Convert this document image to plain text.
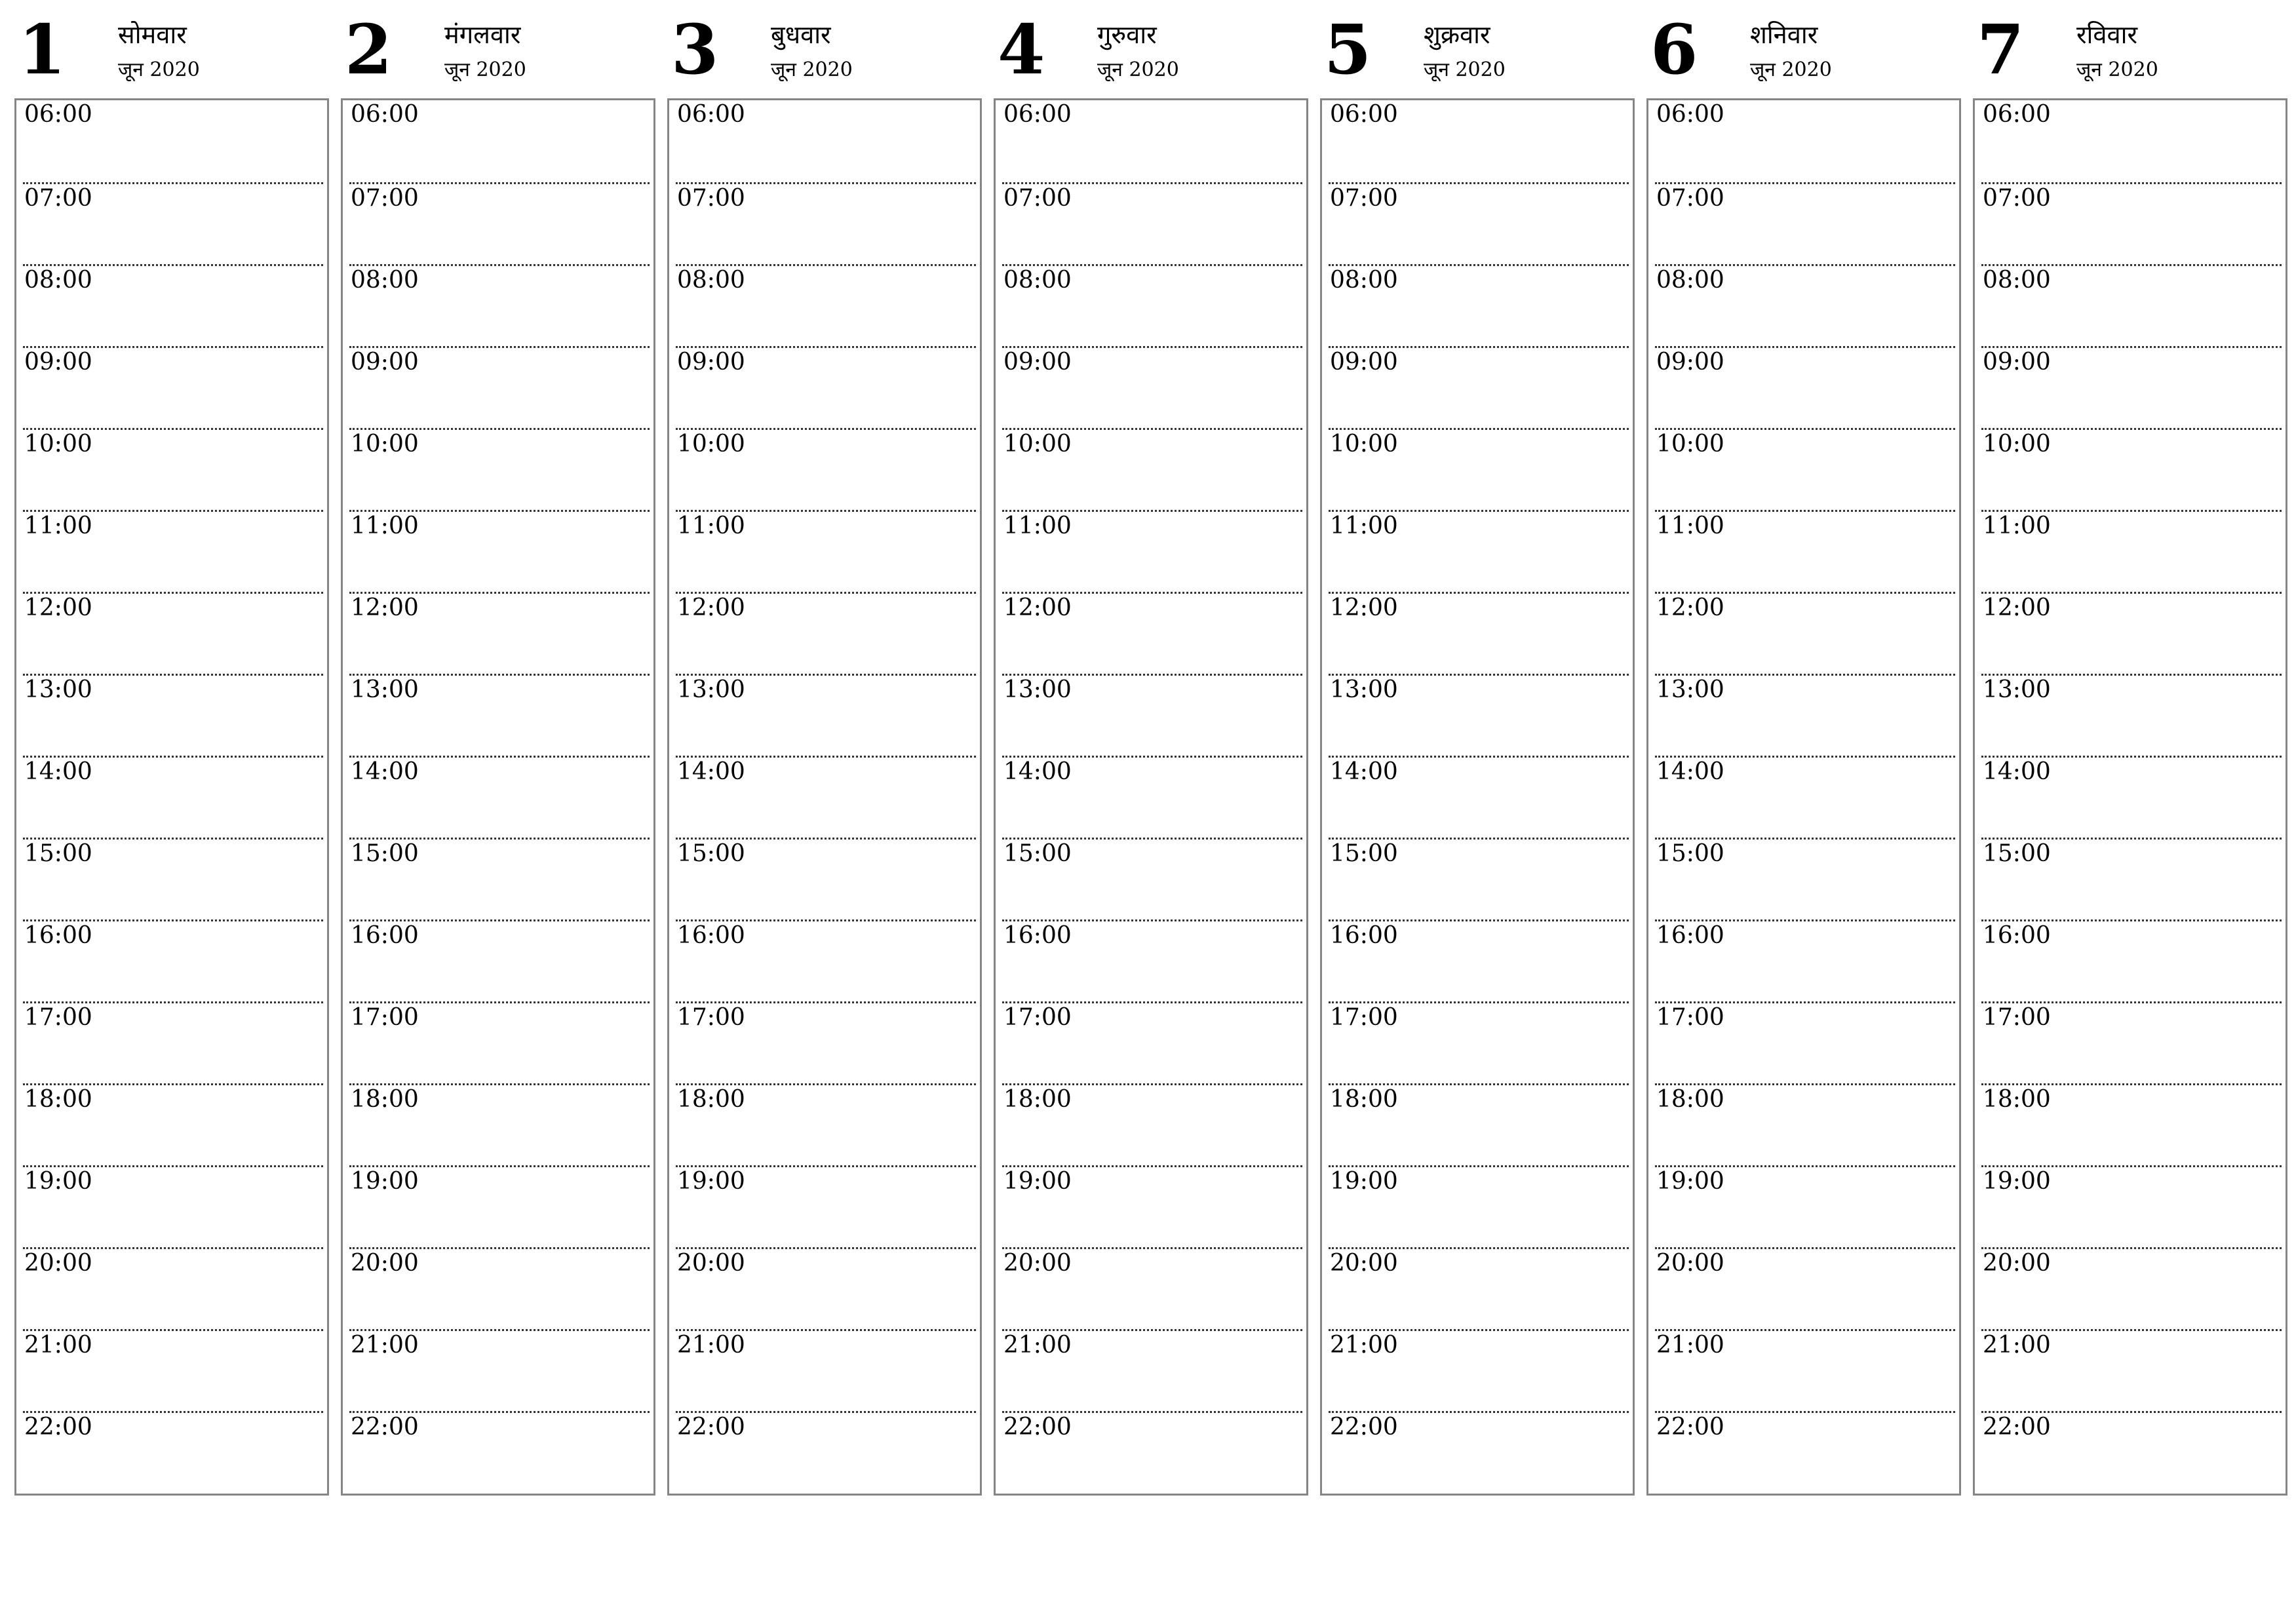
1 सोमवार
जून 2020
06:00
07:00
08:00
09:00
10:00
11:00
12:00
13:00
14:00
15:00
16:00
17:00
18:00
19:00
20:00
21:00
22:00
2 मंगलवार
जून 2020
06:00
07:00
08:00
09:00
10:00
11:00
12:00
13:00
14:00
15:00
16:00
17:00
18:00
19:00
20:00
21:00
22:00
3 बुधवार
जून 2020
06:00
07:00
08:00
09:00
10:00
11:00
12:00
13:00
14:00
15:00
16:00
17:00
18:00
19:00
20:00
21:00
22:00
4 गुरुवार
जून 2020
06:00
07:00
08:00
09:00
10:00
11:00
12:00
13:00
14:00
15:00
16:00
17:00
18:00
19:00
20:00
21:00
22:00
5 शुक्रवार
जून 2020
06:00
07:00
08:00
09:00
10:00
11:00
12:00
13:00
14:00
15:00
16:00
17:00
18:00
19:00
20:00
21:00
22:00
6 शनिवार
जून 2020
06:00
07:00
08:00
09:00
10:00
11:00
12:00
13:00
14:00
15:00
16:00
17:00
18:00
19:00
20:00
21:00
22:00
7 रविवार
जून 2020
06:00
07:00
08:00
09:00
10:00
11:00
12:00
13:00
14:00
15:00
16:00
17:00
18:00
19:00
20:00
21:00
22:00
